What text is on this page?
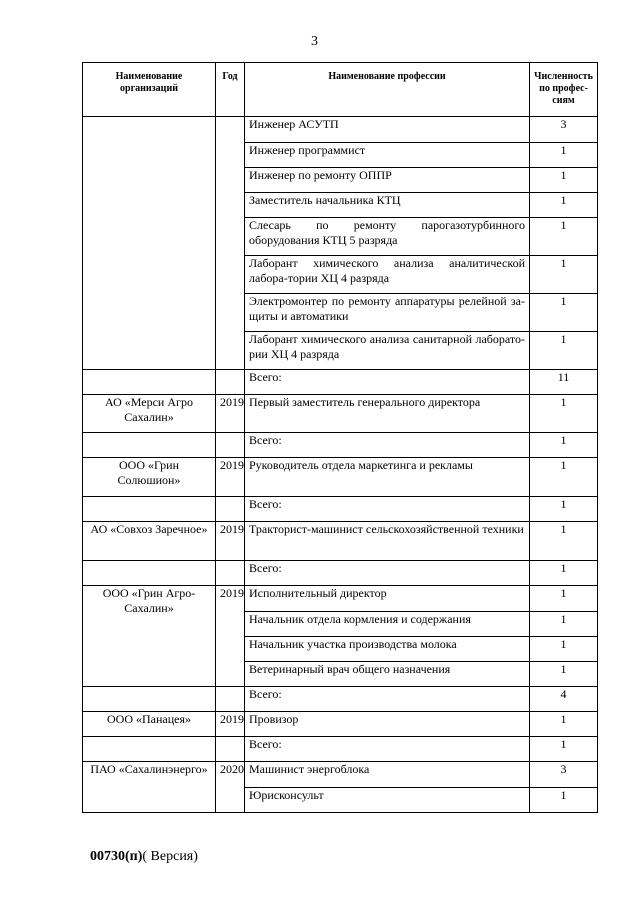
3
Наименование организаций	Год	Наименование профессии	Численность по профес-сиям
		Инженер АСУТП	3
		Инженер программист	1
		Инженер по ремонту ОППР	1
		Заместитель начальника КТЦ	1
		Слесарь по ремонту парогазотурбинного оборудования КТЦ 5 разряда	1
		Лаборант химического анализа аналитической лабора-тории ХЦ 4 разряда	1
		Электромонтер по ремонту аппаратуры релейной за-щиты и автоматики	1
		Лаборант химического анализа санитарной лаборато-рии ХЦ 4 разряда	1
		Всего:	11
АО «Мерси Агро Сахалин»	2019	Первый заместитель генерального директора	1
		Всего:	1
ООО «Грин Солюшион»	2019	Руководитель отдела маркетинга и рекламы	1
		Всего:	1
АО «Совхоз Заречное»	2019	Тракторист-машинист сельскохозяйственной техники	1
		Всего:	1
ООО «Грин Агро-Сахалин»	2019	Исполнительный директор	1
		Начальник отдела кормления и содержания	1
		Начальник участка производства молока	1
		Ветеринарный врач общего назначения	1
		Всего:	4
ООО «Панацея»	2019	Провизор	1
		Всего:	1
ПАО «Сахалинэнерго»	2020	Машинист энергоблока	3
		Юрисконсульт	1
00730(п)( Версия)
